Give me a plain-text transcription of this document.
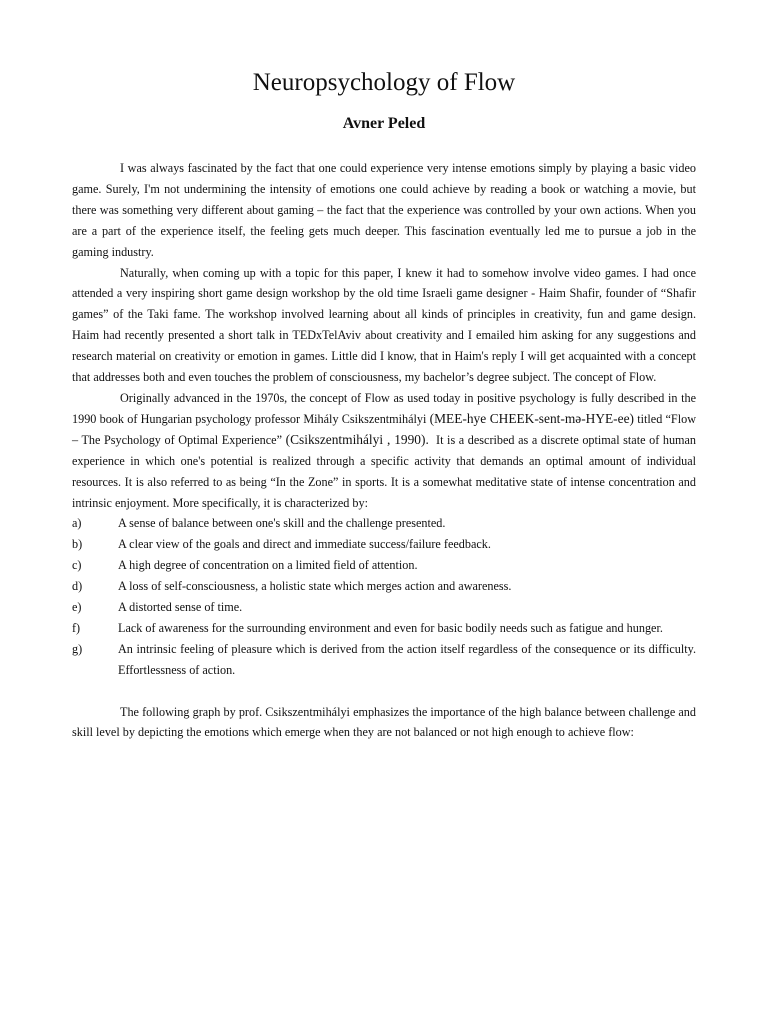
Neuropsychology of Flow
Avner Peled

I was always fascinated by the fact that one could experience very intense emotions simply by playing a basic video game. Surely, I'm not undermining the intensity of emotions one could achieve by reading a book or watching a movie, but there was something very different about gaming – the fact that the experience was controlled by your own actions. When you are a part of the experience itself, the feeling gets much deeper. This fascination eventually led me to pursue a job in the gaming industry.

Naturally, when coming up with a topic for this paper, I knew it had to somehow involve video games. I had once attended a very inspiring short game design workshop by the old time Israeli game designer - Haim Shafir, founder of “Shafir games” of the Taki fame. The workshop involved learning about all kinds of principles in creativity, fun and game design. Haim had recently presented a short talk in TEDxTelAviv about creativity and I emailed him asking for any suggestions and research material on creativity or emotion in games. Little did I know, that in Haim's reply I will get acquainted with a concept that addresses both and even touches the problem of consciousness, my bachelor’s degree subject. The concept of Flow.

Originally advanced in the 1970s, the concept of Flow as used today in positive psychology is fully described in the 1990 book of Hungarian psychology professor Mihály Csikszentmihályi (MEE-hye CHEEK-sent-mə-HYE-ee) titled “Flow – The Psychology of Optimal Experience” (Csikszentmihályi , 1990). It is a described as a discrete optimal state of human experience in which one's potential is realized through a specific activity that demands an optimal amount of individual resources. It is also referred to as being “In the Zone” in sports. It is a somewhat meditative state of intense concentration and intrinsic enjoyment. More specifically, it is characterized by:

a)	A sense of balance between one's skill and the challenge presented.
b)	A clear view of the goals and direct and immediate success/failure feedback.
c)	A high degree of concentration on a limited field of attention.
d)	A loss of self-consciousness, a holistic state which merges action and awareness.
e)	A distorted sense of time.
f)	Lack of awareness for the surrounding environment and even for basic bodily needs such as fatigue and hunger.
g)	An intrinsic feeling of pleasure which is derived from the action itself regardless of the consequence or its difficulty. Effortlessness of action.

The following graph by prof. Csikszentmihályi emphasizes the importance of the high balance between challenge and skill level by depicting the emotions which emerge when they are not balanced or not high enough to achieve flow:
